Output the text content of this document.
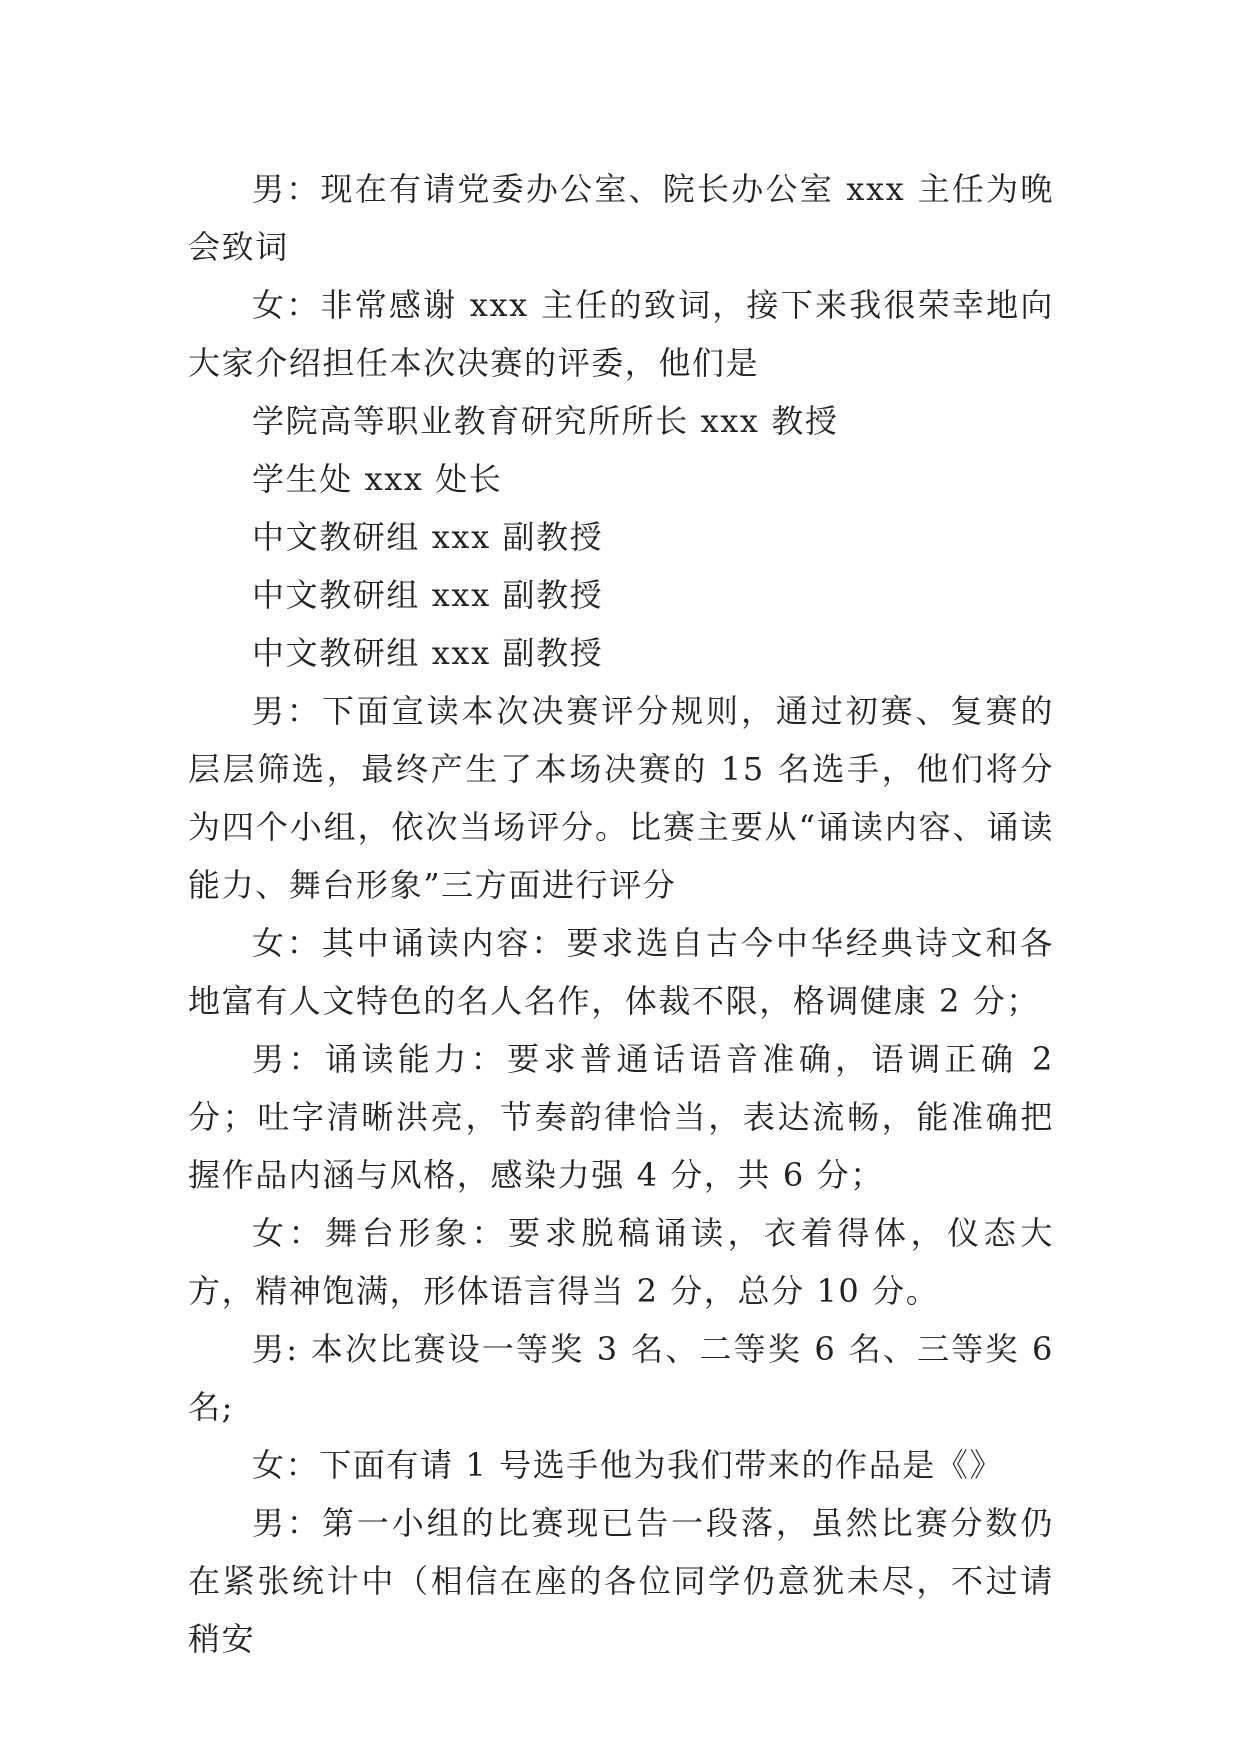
男：现在有请党委办公室、院长办公室 xxx 主任为晚会致词

女：非常感谢 xxx 主任的致词，接下来我很荣幸地向大家介绍担任本次决赛的评委，他们是

学院高等职业教育研究所所长 xxx 教授

学生处 xxx 处长

中文教研组 xxx 副教授

中文教研组 xxx 副教授

中文教研组 xxx 副教授

男：下面宣读本次决赛评分规则，通过初赛、复赛的层层筛选，最终产生了本场决赛的 15 名选手，他们将分为四个小组，依次当场评分。比赛主要从“诵读内容、诵读能力、舞台形象”三方面进行评分

女：其中诵读内容：要求选自古今中华经典诗文和各地富有人文特色的名人名作，体裁不限，格调健康 2 分；

男：诵读能力：要求普通话语音准确，语调正确 2 分；吐字清晰洪亮，节奏韵律恰当，表达流畅，能准确把握作品内涵与风格，感染力强 4 分，共 6 分；

女：舞台形象：要求脱稿诵读，衣着得体，仪态大方，精神饱满，形体语言得当 2 分，总分 10 分。

男: 本次比赛设一等奖 3 名、二等奖 6 名、三等奖 6 名;

女：下面有请 1 号选手他为我们带来的作品是《》

男：第一小组的比赛现已告一段落，虽然比赛分数仍在紧张统计中（相信在座的各位同学仍意犹未尽，不过请稍安
